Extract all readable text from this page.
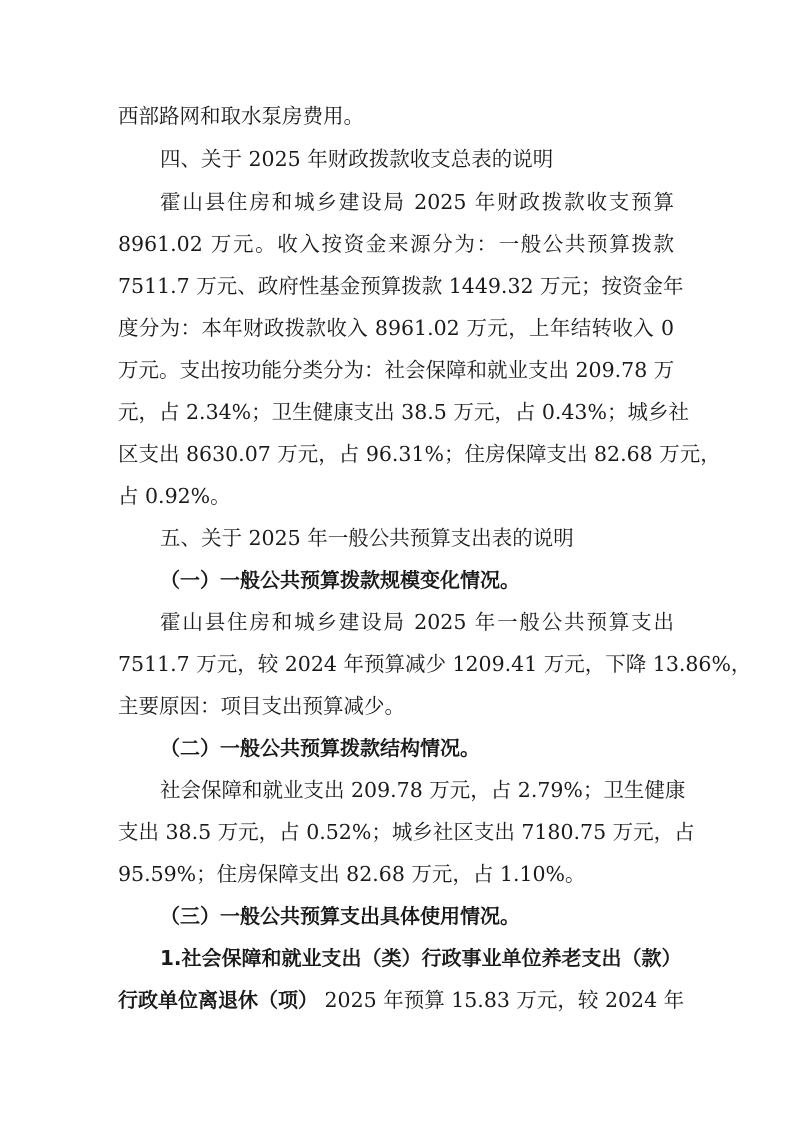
西部路网和取水泵房费用。
四、关于 2025 年财政拨款收支总表的说明
霍山县住房和城乡建设局 2025 年财政拨款收支预算
8961.02 万元。收入按资金来源分为：一般公共预算拨款
7511.7 万元、政府性基金预算拨款 1449.32 万元；按资金年
度分为：本年财政拨款收入 8961.02 万元，上年结转收入 0
万元。支出按功能分类分为：社会保障和就业支出 209.78 万
元，占 2.34%；卫生健康支出 38.5 万元，占 0.43%；城乡社
区支出 8630.07 万元，占 96.31%；住房保障支出 82.68 万元，
占 0.92%。
五、关于 2025 年一般公共预算支出表的说明
（一）一般公共预算拨款规模变化情况。
霍山县住房和城乡建设局 2025 年一般公共预算支出
7511.7 万元，较 2024 年预算减少 1209.41 万元，下降 13.86%，
主要原因：项目支出预算减少。
（二）一般公共预算拨款结构情况。
社会保障和就业支出 209.78 万元，占 2.79%；卫生健康
支出 38.5 万元，占 0.52%；城乡社区支出 7180.75 万元，占
95.59%；住房保障支出 82.68 万元，占 1.10%。
（三）一般公共预算支出具体使用情况。
1.社会保障和就业支出（类）行政事业单位养老支出（款）
行政单位离退休（项） 2025 年预算 15.83 万元，较 2024 年
